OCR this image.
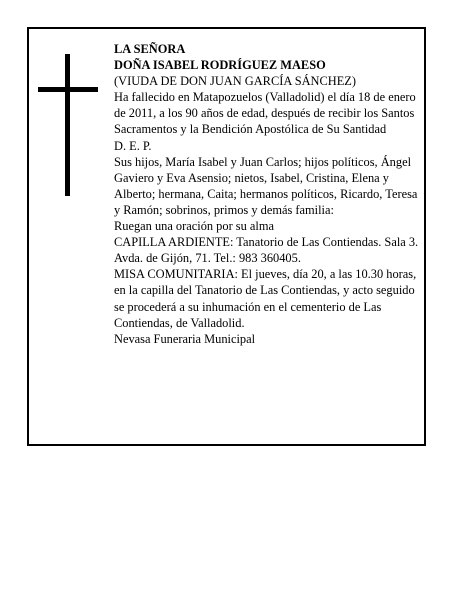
LA SEÑORA

DOÑA ISABEL RODRÍGUEZ MAESO

(VIUDA DE DON JUAN GARCÍA SÁNCHEZ)

Ha fallecido en Matapozuelos (Valladolid) el día 18 de enero de 2011, a los 90 años de edad, después de recibir los Santos Sacramentos y la Bendición Apostólica de Su Santidad

D. E. P.

Sus hijos, María Isabel y Juan Carlos; hijos políticos, Ángel Gaviero y Eva Asensio; nietos, Isabel, Cristina, Elena y Alberto; hermana, Caita; hermanos políticos, Ricardo, Teresa y Ramón; sobrinos, primos y demás familia:

Ruegan una oración por su alma

CAPILLA ARDIENTE: Tanatorio de Las Contiendas. Sala 3. Avda. de Gijón, 71. Tel.: 983 360405.

MISA COMUNITARIA: El jueves, día 20, a las 10.30 horas, en la capilla del Tanatorio de Las Contiendas, y acto seguido se procederá a su inhumación en el cementerio de Las Contiendas, de Valladolid.

Nevasa Funeraria Municipal
